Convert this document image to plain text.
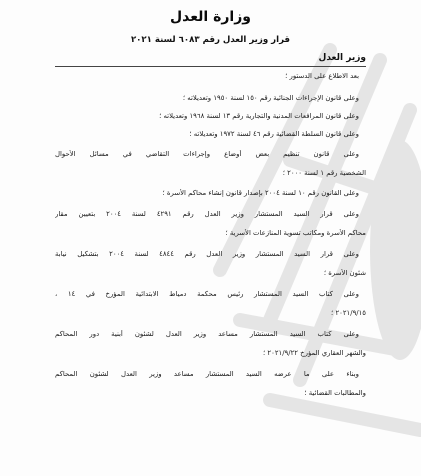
وزارة العدل
قرار وزير العدل رقم ٦٠٨٣ لسنة ٢٠٢١
وزير العدل
بعد الاطلاع على الدستور ؛
وعلى قانون الإجراءات الجنائية رقم ١٥٠ لسنة ١٩٥٠ وتعديلاته ؛
وعلى قانون المرافعات المدنية والتجارية رقم ١٣ لسنة ١٩٦٨ وتعديلاته ؛
وعلى قانون السلطة القضائية رقم ٤٦ لسنة ١٩٧٢ وتعديلاته ؛
وعلى قانون تنظيم بعض أوضاع وإجراءات التقاضي في مسائل الأحوال
الشخصية رقم ١ لسنة ٢٠٠٠ ؛
وعلى القانون رقم ١٠ لسنة ٢٠٠٤ بإصدار قانون إنشاء محاكم الأسرة ؛
وعلى قرار السيد المستشار وزير العدل رقم ٤٢٩١ لسنة ٢٠٠٤ بتعيين مقار
محاكم الأسرة ومكاتب تسوية المنازعات الأسرية ؛
وعلى قرار السيد المستشار وزير العدل رقم ٤٨٤٤ لسنة ٢٠٠٤ بتشكيل نيابة
شئون الأسرة ؛
وعلى كتاب السيد المستشار رئيس محكمة دمياط الابتدائية المؤرخ في ١٤ ،
٢٠٢١/٩/١٥ ؛
وعلى كتاب السيد المستشار مساعد وزير العدل لشئون أبنية دور المحاكم
والشهر العقاري المؤرخ ٢٠٢١/٩/٢٢ ؛
وبناء على ما عرضه السيد المستشار مساعد وزير العدل لشئون المحاكم
والمطالبات القضائية ؛
